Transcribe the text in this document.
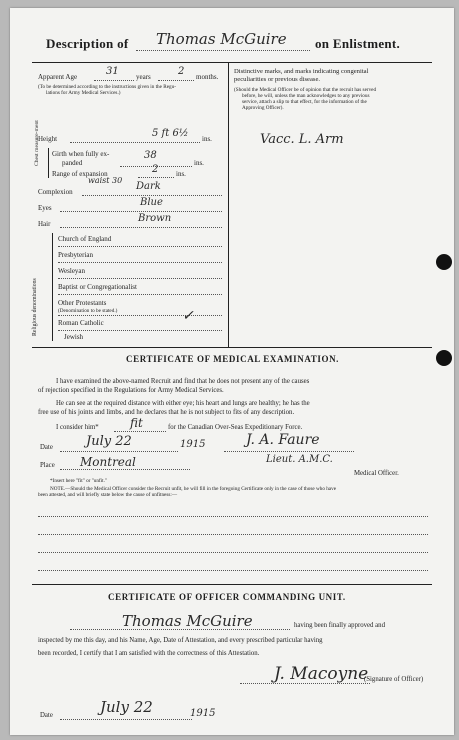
Description of Thomas McGuire on Enlistment.
Apparent Age	31 years	2 months.
(To be determined according to the instructions given in the Regu-
lations for Army Medical Services.)
Height	5 ft 6½ ins.
Chest measure-ment Girth when fully ex-
panded
38
ins.
Range of expansion	2	ins.
waist 30
Complexion	Dark
Eyes	Blue
Hair	Brown
Religious denominations
Church of England
Presbyterian
Wesleyan
Baptist or Congregationalist
Other Protestants
(Denomination to be stated.)
Roman Catholic	✓
Jewish
Distinctive marks, and marks indicating congenital
peculiarities or previous disease.
(Should the Medical Officer be of opinion that the recruit has served
before, he will, unless the man acknowledges to any previous
service, attach a slip to that effect, for the information of the
Approving Officer).
Vacc. L. Arm
CERTIFICATE OF MEDICAL EXAMINATION.
I have examined the above-named Recruit and find that he does not present any of the causes
of rejection specified in the Regulations for Army Medical Services.
He can see at the required distance with either eye; his heart and lungs are healthy; he has the
free use of his joints and limbs, and he declares that he is not subject to fits of any description.
I consider him*	fit	for the Canadian Over-Seas Expeditionary Force.
Date	July 22	1915	J. A. Faure
Place Montreal	Lieut. A.M.C.
Medical Officer.
*Insert here "fit" or "unfit."
NOTE.—Should the Medical Officer consider the Recruit unfit, he will fill in the foregoing Certificate only in the case of those who have
been attested, and will briefly state below the cause of unfitness:—
CERTIFICATE OF OFFICER COMMANDING UNIT.
Thomas McGuire	having been finally approved and
inspected by me this day, and his Name, Age, Date of Attestation, and every prescribed particular having
been recorded, I certify that I am satisfied with the correctness of this Attestation.
J. Macoyne
(Signature of Officer)
Date	July 22	1915
